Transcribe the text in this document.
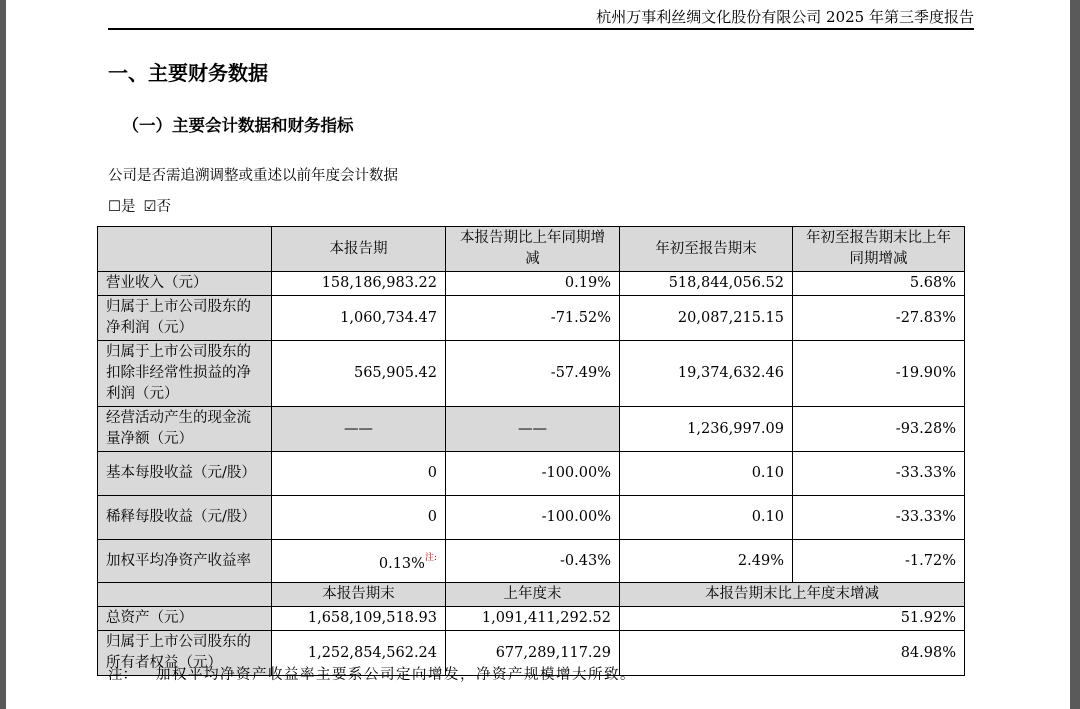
杭州万事利丝绸文化股份有限公司 2025 年第三季度报告
一、主要财务数据
（一）主要会计数据和财务指标
公司是否需追溯调整或重述以前年度会计数据
☐是 ☑否
	本报告期	本报告期比上年同期增减	年初至报告期末	年初至报告期末比上年同期增减
营业收入（元）	158,186,983.22	0.19%	518,844,056.52	5.68%
归属于上市公司股东的净利润（元）	1,060,734.47	-71.52%	20,087,215.15	-27.83%
归属于上市公司股东的扣除非经常性损益的净利润（元）	565,905.42	-57.49%	19,374,632.46	-19.90%
经营活动产生的现金流量净额（元）	——	——	1,236,997.09	-93.28%
基本每股收益（元/股）	0	-100.00%	0.10	-33.33%
稀释每股收益（元/股）	0	-100.00%	0.10	-33.33%
加权平均净资产收益率	0.13%$^{注:}$	-0.43%	2.49%	-1.72%
	本报告期末	上年度末	本报告期末比上年度末增减	
总资产（元）	1,658,109,518.93	1,091,411,292.52	51.92%	
归属于上市公司股东的所有者权益（元）	1,252,854,562.24	677,289,117.29	84.98%	
注： 加权平均净资产收益率主要系公司定向增发，净资产规模增大所致。
